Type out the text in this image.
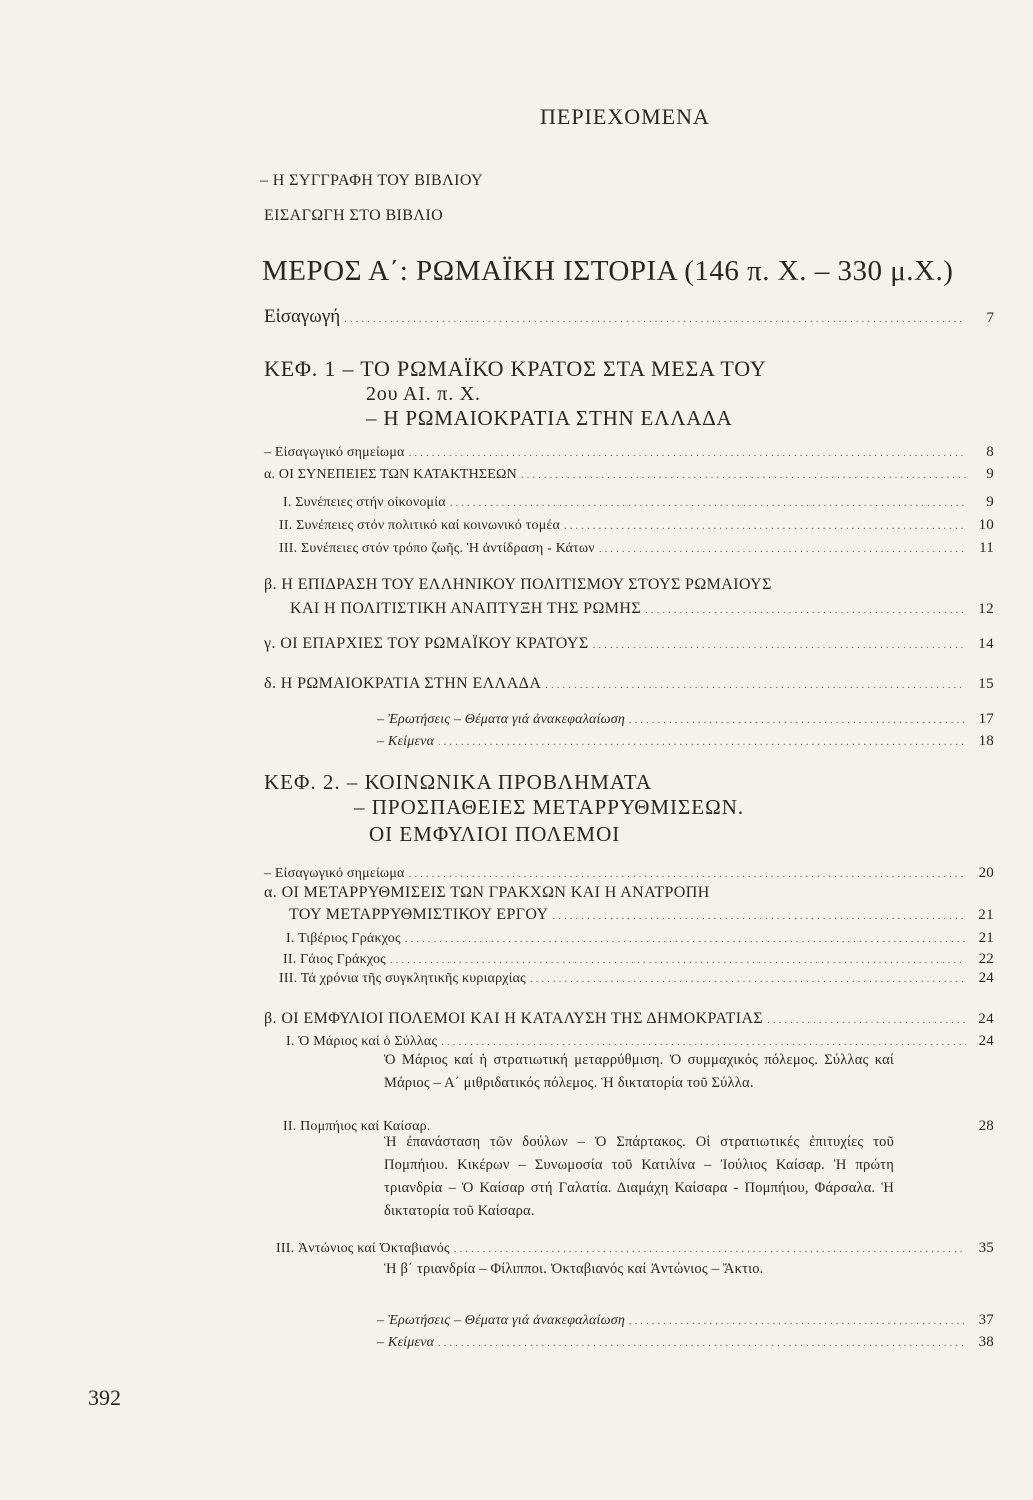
ΠΕΡΙΕΧΟΜΕΝΑ
– Η ΣΥΓΓΡΑΦΗ ΤΟΥ ΒΙΒΛΙΟΥ
ΕΙΣΑΓΩΓΗ ΣΤΟ ΒΙΒΛΙΟ
ΜΕΡΟΣ Α΄: ΡΩΜΑΪΚΗ ΙΣΤΟΡΙΑ (146 π. Χ. – 330 μ.Χ.)
Εἰσαγωγή .....	7
ΚΕΦ. 1 – ΤΟ ΡΩΜΑΪΚΟ ΚΡΑΤΟΣ ΣΤΑ ΜΕΣΑ ΤΟΥ
2ου ΑΙ. π. Χ.
– Η ΡΩΜΑΙΟΚΡΑΤΙΑ ΣΤΗΝ ΕΛΛΑΔΑ
– Εἰσαγωγικό σημείωμα .....	8
α. ΟΙ ΣΥΝΕΠΕΙΕΣ ΤΩΝ ΚΑΤΑΚΤΗΣΕΩΝ .....	9
Ι. Συνέπειες στήν οἰκονομία .....	9
ΙΙ. Συνέπειες στόν πολιτικό καί κοινωνικό τομέα .....	10
ΙΙΙ. Συνέπειες στόν τρόπο ζωῆς. Ἡ ἀντίδραση - Κάτων .....	11
β. Η ΕΠΙΔΡΑΣΗ ΤΟΥ ΕΛΛΗΝΙΚΟΥ ΠΟΛΙΤΙΣΜΟΥ ΣΤΟΥΣ ΡΩΜΑΙΟΥΣ
ΚΑΙ Η ΠΟΛΙΤΙΣΤΙΚΗ ΑΝΑΠΤΥΞΗ ΤΗΣ ΡΩΜΗΣ .....	12
γ. ΟΙ ΕΠΑΡΧΙΕΣ ΤΟΥ ΡΩΜΑΪΚΟΥ ΚΡΑΤΟΥΣ .....	14
δ. Η ΡΩΜΑΙΟΚΡΑΤΙΑ ΣΤΗΝ ΕΛΛΑΔΑ .....	15
– Ἐρωτήσεις – Θέματα γιά ἀνακεφαλαίωση .....	17
– Κείμενα .....	18
ΚΕΦ. 2. – ΚΟΙΝΩΝΙΚΑ ΠΡΟΒΛΗΜΑΤΑ
– ΠΡΟΣΠΑΘΕΙΕΣ ΜΕΤΑΡΡΥΘΜΙΣΕΩΝ.
ΟΙ ΕΜΦΥΛΙΟΙ ΠΟΛΕΜΟΙ
– Εἰσαγωγικό σημείωμα .....	20
α. ΟΙ ΜΕΤΑΡΡΥΘΜΙΣΕΙΣ ΤΩΝ ΓΡΑΚΧΩΝ ΚΑΙ Η ΑΝΑΤΡΟΠΗ
ΤΟΥ ΜΕΤΑΡΡΥΘΜΙΣΤΙΚΟΥ ΕΡΓΟΥ .....	21
Ι. Τιβέριος Γράκχος .....	21
ΙΙ. Γάιος Γράκχος .....	22
ΙΙΙ. Τά χρόνια τῆς συγκλητικῆς κυριαρχίας .....	24
β. ΟΙ ΕΜΦΥΛΙΟΙ ΠΟΛΕΜΟΙ ΚΑΙ Η ΚΑΤΑΛΥΣΗ ΤΗΣ ΔΗΜΟΚΡΑΤΙΑΣ .....	24
Ι. Ὁ Μάριος καί ὁ Σύλλας .....	24
Ὁ Μάριος καί ἡ στρατιωτική μεταρρύθμιση. Ὁ συμμαχικός πόλεμος. Σύλλας καί Μάριος – Α΄ μιθριδατικός πόλεμος. Ἡ δικτατορία τοῦ Σύλλα.
ΙΙ. Πομπήιος καί Καίσαρ.	28
Ἡ ἐπανάσταση τῶν δούλων – Ὁ Σπάρτακος. Οἱ στρατιωτικές ἐπιτυχίες τοῦ Πομπήιου. Κικέρων – Συνωμοσία τοῦ Κατιλίνα – Ἰούλιος Καίσαρ. Ἡ πρώτη τριανδρία – Ὁ Καίσαρ στή Γαλατία. Διαμάχη Καίσαρα - Πομπήιου, Φάρσαλα. Ἡ δικτατορία τοῦ Καίσαρα.
ΙΙΙ. Ἀντώνιος καί Ὀκταβιανός .....	35
Ἡ β΄ τριανδρία – Φίλιπποι. Ὀκταβιανός καί Ἀντώνιος – Ἄκτιο.
– Ἐρωτήσεις – Θέματα γιά ἀνακεφαλαίωση .....	37
– Κείμενα .....	38
392
